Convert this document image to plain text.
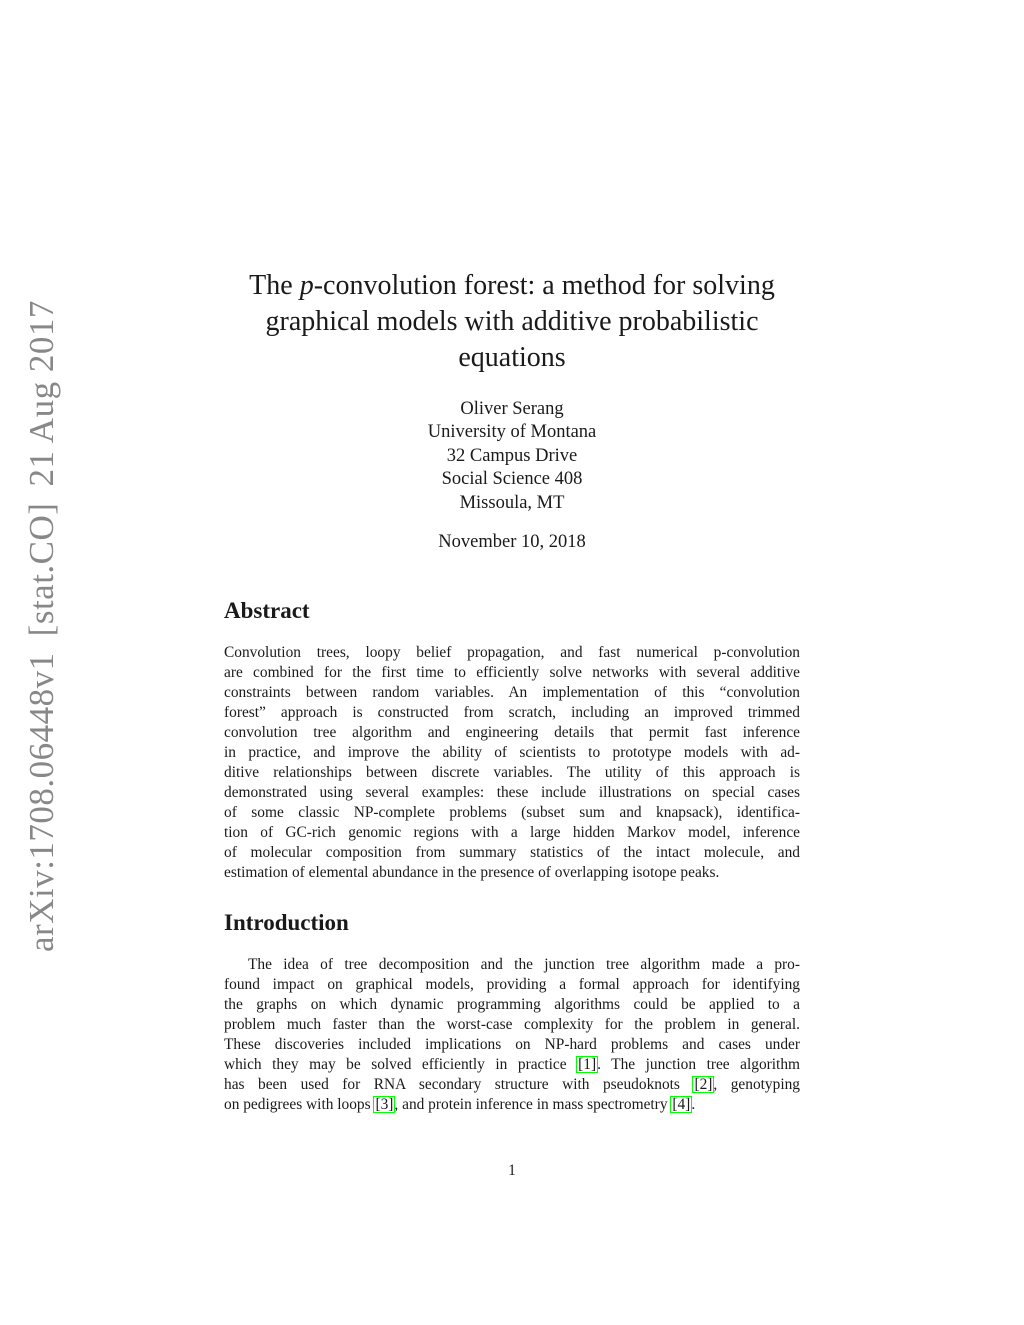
arXiv:1708.06448v1[stat.CO]21 Aug 2017
The p-convolution forest: a method for solving
graphical models with additive probabilistic
equations
Oliver Serang
University of Montana
32 Campus Drive
Social Science 408
Missoula, MT
November 10, 2018
Abstract
Convolution trees, loopy belief propagation, and fast numerical p-convolution
are combined for the first time to efficiently solve networks with several additive
constraints between random variables. An implementation of this “convolution
forest” approach is constructed from scratch, including an improved trimmed
convolution tree algorithm and engineering details that permit fast inference
in practice, and improve the ability of scientists to prototype models with ad-
ditive relationships between discrete variables. The utility of this approach is
demonstrated using several examples: these include illustrations on special cases
of some classic NP-complete problems (subset sum and knapsack), identifica-
tion of GC-rich genomic regions with a large hidden Markov model, inference
of molecular composition from summary statistics of the intact molecule, and
estimation of elemental abundance in the presence of overlapping isotope peaks.
Introduction
The idea of tree decomposition and the junction tree algorithm made a pro-
found impact on graphical models, providing a formal approach for identifying
the graphs on which dynamic programming algorithms could be applied to a
problem much faster than the worst-case complexity for the problem in general.
These discoveries included implications on NP-hard problems and cases under
which they may be solved efficiently in practice [1]. The junction tree algorithm
has been used for RNA secondary structure with pseudoknots [2], genotyping
on pedigrees with loops [3], and protein inference in mass spectrometry [4].
1
